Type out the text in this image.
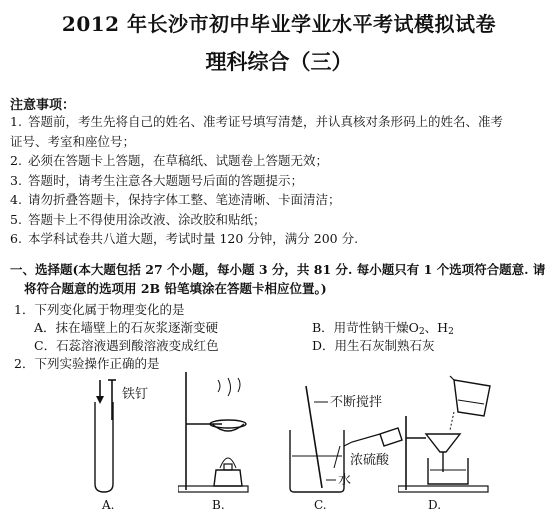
2012 年长沙市初中毕业学业水平考试模拟试卷
理科综合（三）
注意事项：
1. 答题前，考生先将自己的姓名、准考证号填写清楚，并认真核对条形码上的姓名、准考
证号、考室和座位号；
2. 必须在答题卡上答题，在草稿纸、试题卷上答题无效；
3. 答题时，请考生注意各大题题号后面的答题提示；
4. 请勿折叠答题卡，保持字体工整、笔迹清晰、卡面清洁；
5. 答题卡上不得使用涂改液、涂改胶和贴纸；
6. 本学科试卷共八道大题，考试时量 120 分钟，满分 200 分.
一、选择题(本大题包括 27 个小题，每小题 3 分，共 81 分. 每小题只有 1 个选项符合题意. 请
将符合题意的选项用 2B 铅笔填涂在答题卡相应位置。)
1．下列变化属于物理变化的是
A．抹在墙壁上的石灰浆逐渐变硬	B．用苛性钠干燥$O_2$、$H_2$
C．石蕊溶液遇到酸溶液变成红色	D．用生石灰制熟石灰
2．下列实验操作正确的是
铁钉
A.	B.
不断搅拌
浓硫酸
水
C.	D.
